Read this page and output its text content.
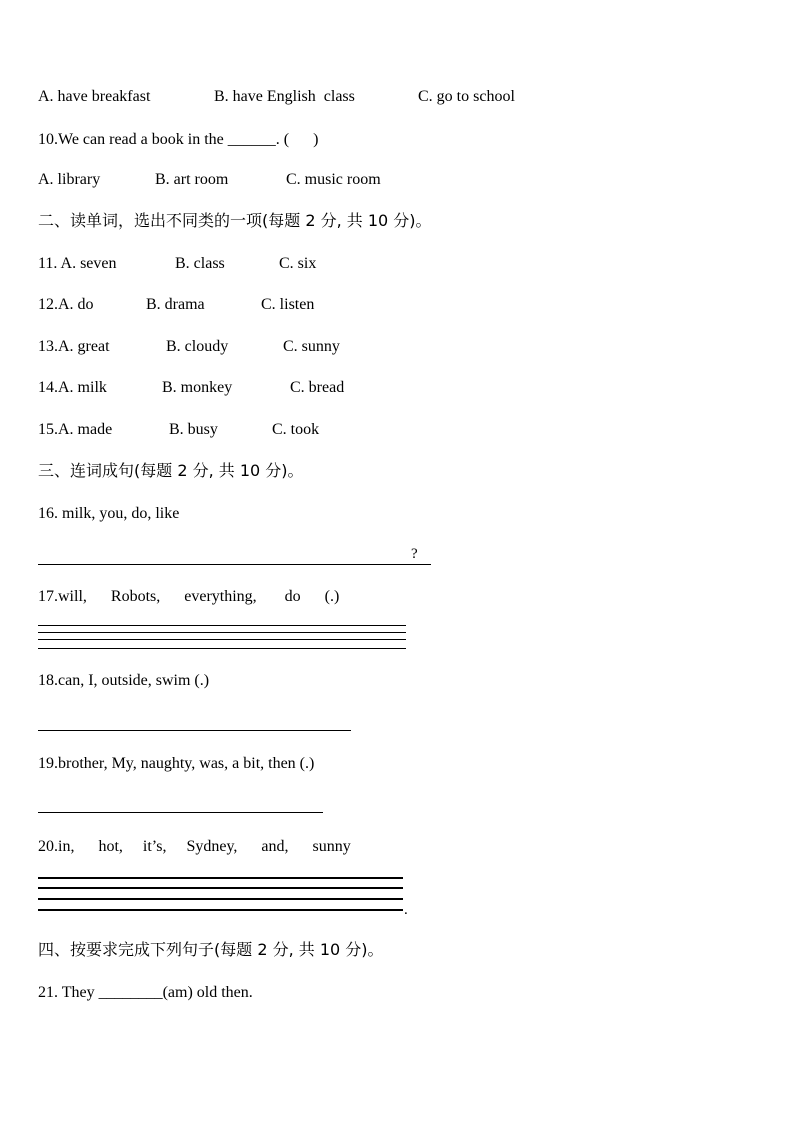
A. have breakfast	B. have English  class	C. go to school
10.We can read a book in the ______. (      )
A. library	B. art room	C. music room
二、读单词，选出不同类的一项(每题 2 分, 共 10 分)。
11. A. seven	B. class	C. six
12.A. do	B. drama	C. listen
13.A. great	B. cloudy	C. sunny
14.A. milk	B. monkey	C. bread
15.A. made	B. busy	C. took
三、连词成句(每题 2 分, 共 10 分)。
16. milk, you, do, like
?
17.will,      Robots,      everything,       do      (.)
18.can, I, outside, swim (.)
19.brother, My, naughty, was, a bit, then (.)
20.in,      hot,     it’s,     Sydney,      and,      sunny
.
四、按要求完成下列句子(每题 2 分, 共 10 分)。
21. They ________(am) old then.
